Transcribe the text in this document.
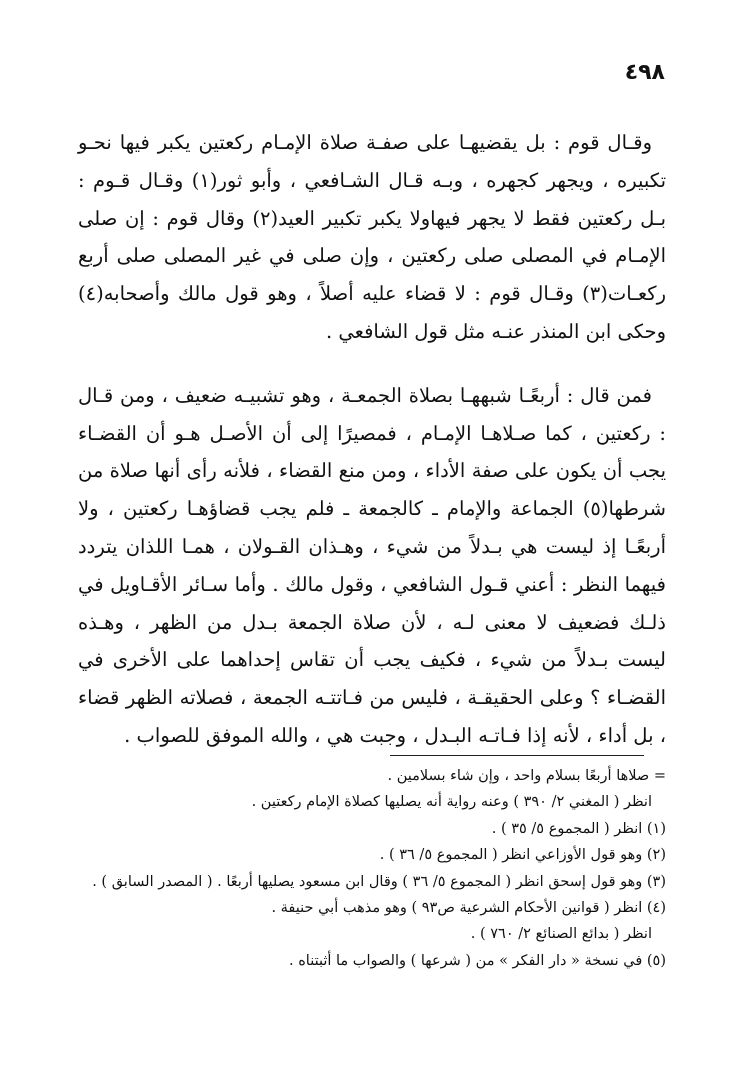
٤٩٨

وقـال قوم : بل يقضيهـا على صفـة صلاة الإمـام ركعتين يكبر فيها نحـو تكبيره ، ويجهر كجهره ، وبـه قـال الشـافعي ، وأبو ثور(١) وقـال قـوم : بـل ركعتين فقط لا يجهر فيهاولا يكبر تكبير العيد(٢) وقال قوم : إن صلى الإمـام في المصلى صلى ركعتين ، وإن صلى في غير المصلى صلى أربع ركعـات(٣) وقـال قوم : لا قضاء عليه أصلاً ، وهو قول مالك وأصحابه(٤) وحكى ابن المنذر عنـه مثل قول الشافعي .

فمن قال : أربعًـا شبههـا بصلاة الجمعـة ، وهو تشبيـه ضعيف ، ومن قـال : ركعتين ، كما صـلاهـا الإمـام ، فمصيرًا إلى أن الأصـل هـو أن القضـاء يجب أن يكون على صفة الأداء ، ومن منع القضاء ، فلأنه رأى أنها صلاة من شرطها(٥) الجماعة والإمام ـ كالجمعة ـ فلم يجب قضاؤهـا ركعتين ، ولا أربعًـا إذ ليست هي بـدلاً من شيء ، وهـذان القـولان ، همـا اللذان يتردد فيهما النظر : أعني قـول الشافعي ، وقول مالك . وأما سـائر الأقـاويل في ذلـك فضعيف لا معنى لـه ، لأن صلاة الجمعة بـدل من الظهر ، وهـذه ليست بـدلاً من شيء ، فكيف يجب أن تقاس إحداهما على الأخرى في القضـاء ؟ وعلى الحقيقـة ، فليس من فـاتتـه الجمعة ، فصلاته الظهر قضاء ، بل أداء ، لأنه إذا فـاتـه البـدل ، وجبت هي ، والله الموفق للصواب .

= صلاها أربعًا بسلام واحد ، وإن شاء بسلامين .

انظر ( المغني ٢/ ٣٩٠ ) وعنه رواية أنه يصليها كصلاة الإمام ركعتين .

(١) انظر ( المجموع ٥/ ٣٥ ) .

(٢) وهو قول الأوزاعي انظر ( المجموع ٥/ ٣٦ ) .

(٣) وهو قول إسحق انظر ( المجموع ٥/ ٣٦ ) وقال ابن مسعود يصليها أربعًا . ( المصدر السابق ) .

(٤) انظر ( قوانين الأحكام الشرعية ص٩٣ ) وهو مذهب أبي حنيفة .

انظر ( بدائع الصنائع ٢/ ٧٦٠ ) .

(٥) في نسخة « دار الفكر » من ( شرعها ) والصواب ما أثبتناه .
